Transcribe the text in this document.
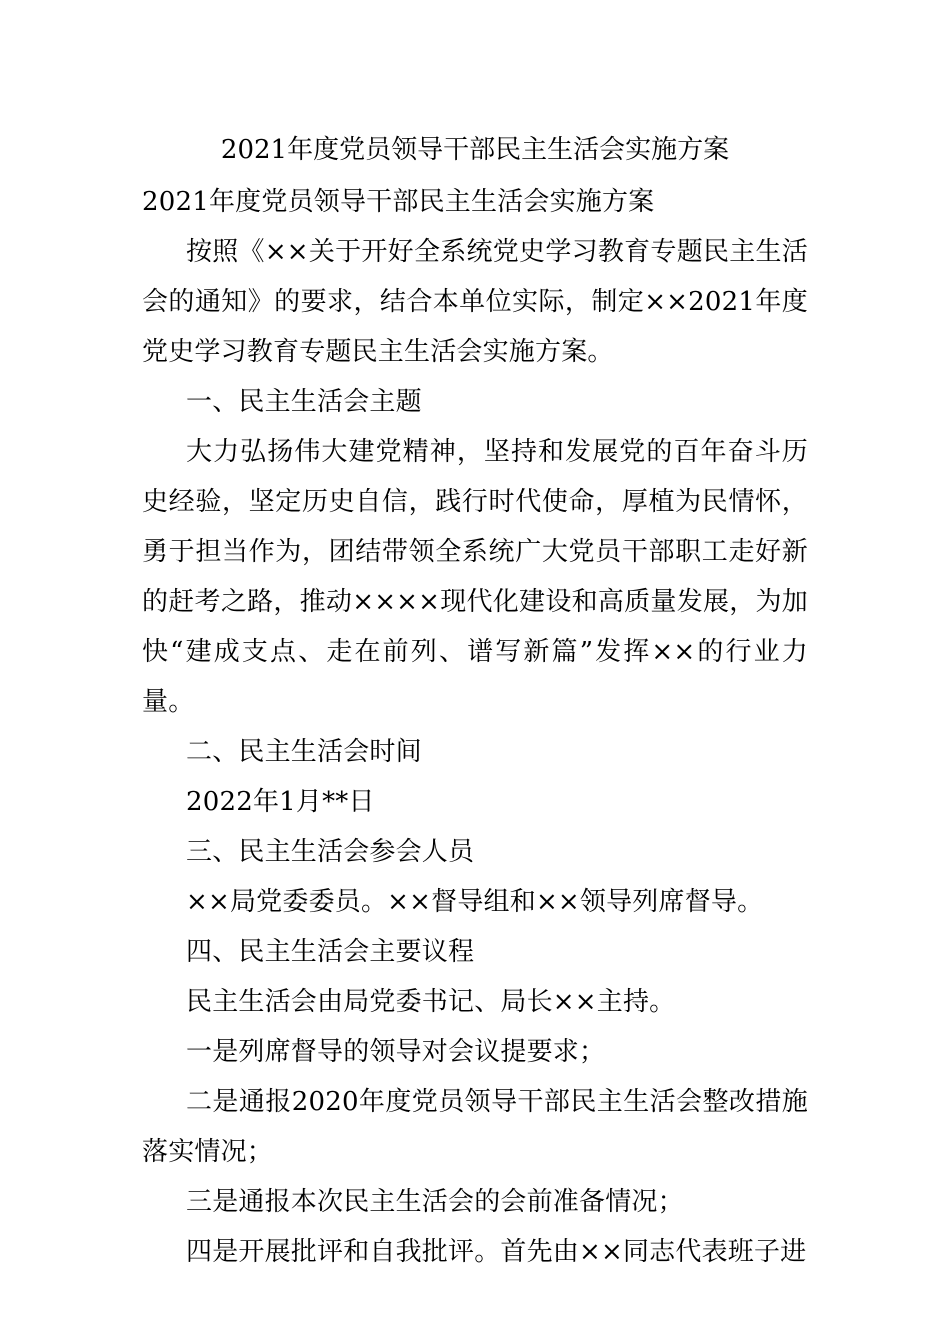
2021年度党员领导干部民主生活会实施方案

2021年度党员领导干部民主生活会实施方案

按照《××关于开好全系统党史学习教育专题民主生活会的通知》的要求，结合本单位实际，制定××2021年度党史学习教育专题民主生活会实施方案。

一、民主生活会主题

大力弘扬伟大建党精神，坚持和发展党的百年奋斗历史经验，坚定历史自信，践行时代使命，厚植为民情怀，勇于担当作为，团结带领全系统广大党员干部职工走好新的赶考之路，推动××××现代化建设和高质量发展，为加快“建成支点、走在前列、谱写新篇”发挥××的行业力量。

二、民主生活会时间

2022年1月**日

三、民主生活会参会人员

××局党委委员。××督导组和××领导列席督导。

四、民主生活会主要议程

民主生活会由局党委书记、局长××主持。

一是列席督导的领导对会议提要求；

二是通报2020年度党员领导干部民主生活会整改措施落实情况；

三是通报本次民主生活会的会前准备情况；

四是开展批评和自我批评。首先由××同志代表班子进
